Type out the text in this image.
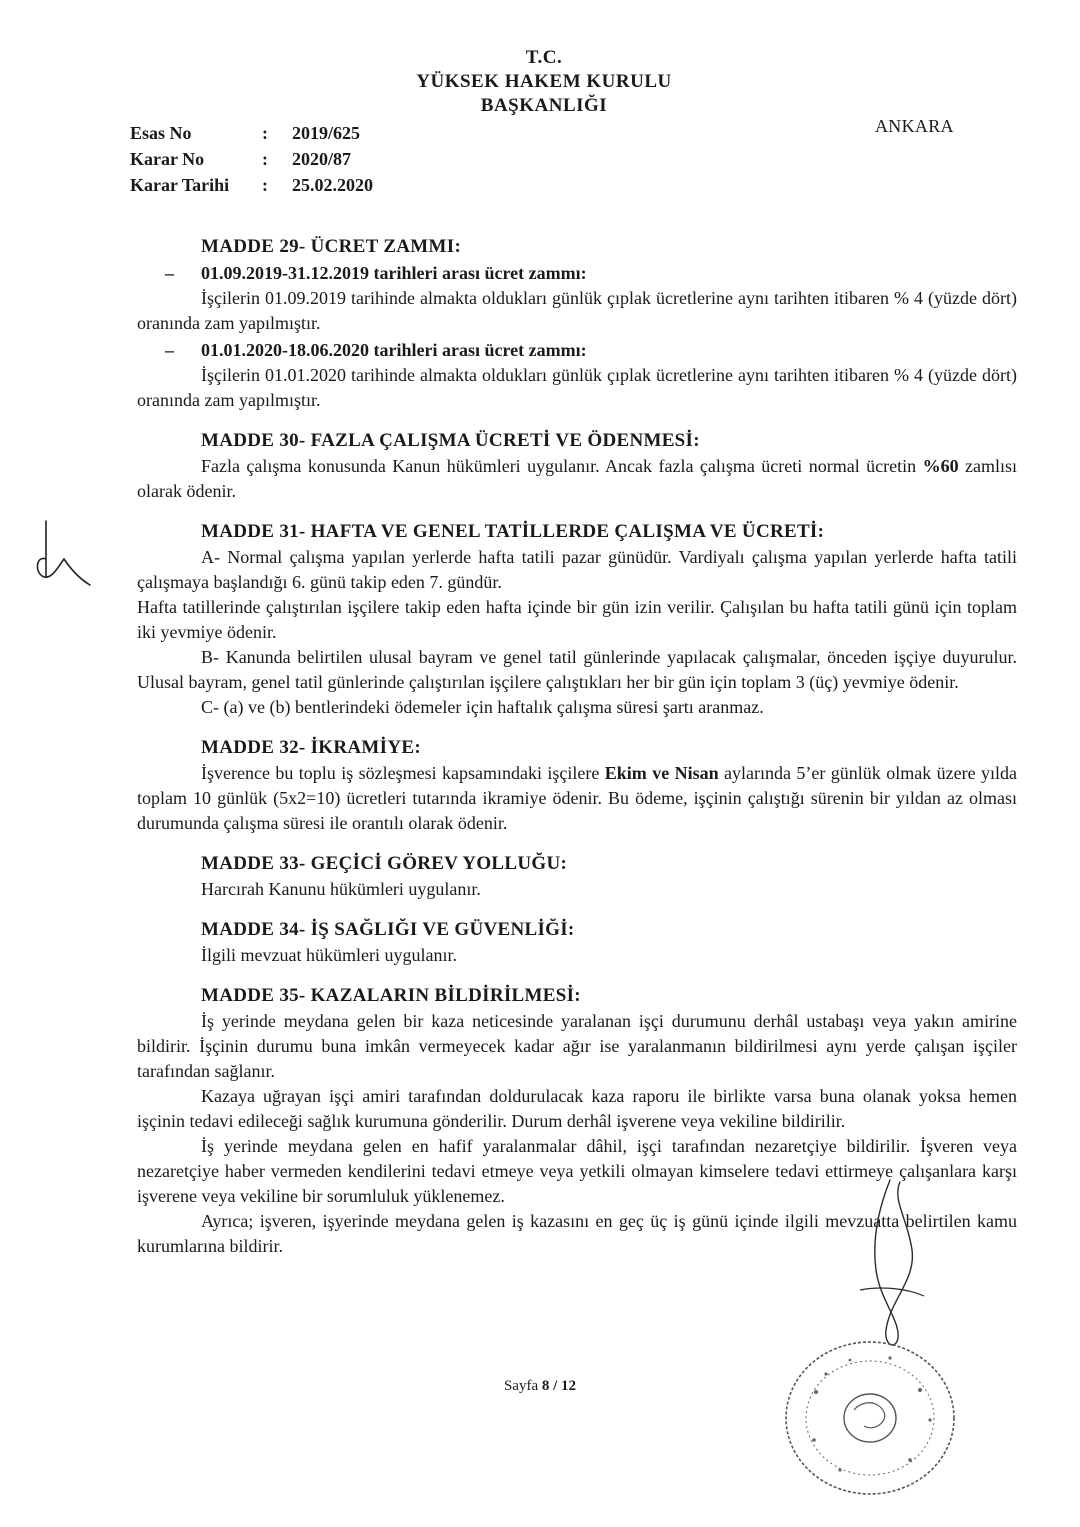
T.C.
YÜKSEK HAKEM KURULU
BAŞKANLIĞI
ANKARA
Esas No	:	2019/625
Karar No	:	2020/87
Karar Tarihi	:	25.02.2020
MADDE 29- ÜCRET ZAMMI:
– 01.09.2019-31.12.2019 tarihleri arası ücret zammı:

İşçilerin 01.09.2019 tarihinde almakta oldukları günlük çıplak ücretlerine aynı tarihten itibaren % 4 (yüzde dört) oranında zam yapılmıştır.

– 01.01.2020-18.06.2020 tarihleri arası ücret zammı:

İşçilerin 01.01.2020 tarihinde almakta oldukları günlük çıplak ücretlerine aynı tarihten itibaren % 4 (yüzde dört) oranında zam yapılmıştır.

MADDE 30- FAZLA ÇALIŞMA ÜCRETİ VE ÖDENMESİ:

Fazla çalışma konusunda Kanun hükümleri uygulanır. Ancak fazla çalışma ücreti normal ücretin %60 zamlısı olarak ödenir.

MADDE 31- HAFTA VE GENEL TATİLLERDE ÇALIŞMA VE ÜCRETİ:

A- Normal çalışma yapılan yerlerde hafta tatili pazar günüdür. Vardiyalı çalışma yapılan yerlerde hafta tatili çalışmaya başlandığı 6. günü takip eden 7. gündür.

Hafta tatillerinde çalıştırılan işçilere takip eden hafta içinde bir gün izin verilir. Çalışılan bu hafta tatili günü için toplam iki yevmiye ödenir.

B- Kanunda belirtilen ulusal bayram ve genel tatil günlerinde yapılacak çalışmalar, önceden işçiye duyurulur. Ulusal bayram, genel tatil günlerinde çalıştırılan işçilere çalıştıkları her bir gün için toplam 3 (üç) yevmiye ödenir.

C- (a) ve (b) bentlerindeki ödemeler için haftalık çalışma süresi şartı aranmaz.

MADDE 32- İKRAMİYE:

İşverence bu toplu iş sözleşmesi kapsamındaki işçilere Ekim ve Nisan aylarında 5’er günlük olmak üzere yılda toplam 10 günlük (5x2=10) ücretleri tutarında ikramiye ödenir. Bu ödeme, işçinin çalıştığı sürenin bir yıldan az olması durumunda çalışma süresi ile orantılı olarak ödenir.

MADDE 33- GEÇİCİ GÖREV YOLLUĞU:

Harcırah Kanunu hükümleri uygulanır.

MADDE 34- İŞ SAĞLIĞI VE GÜVENLİĞİ:

İlgili mevzuat hükümleri uygulanır.

MADDE 35- KAZALARIN BİLDİRİLMESİ:

İş yerinde meydana gelen bir kaza neticesinde yaralanan işçi durumunu derhâl ustabaşı veya yakın amirine bildirir. İşçinin durumu buna imkân vermeyecek kadar ağır ise yaralanmanın bildirilmesi aynı yerde çalışan işçiler tarafından sağlanır.

Kazaya uğrayan işçi amiri tarafından doldurulacak kaza raporu ile birlikte varsa buna olanak yoksa hemen işçinin tedavi edileceği sağlık kurumuna gönderilir. Durum derhâl işverene veya vekiline bildirilir.

İş yerinde meydana gelen en hafif yaralanmalar dâhil, işçi tarafından nezaretçiye bildirilir. İşveren veya nezaretçiye haber vermeden kendilerini tedavi etmeye veya yetkili olmayan kimselere tedavi ettirmeye çalışanlara karşı işverene veya vekiline bir sorumluluk yüklenemez.

Ayrıca; işveren, işyerinde meydana gelen iş kazasını en geç üç iş günü içinde ilgili mevzuatta belirtilen kamu kurumlarına bildirir.

Sayfa 8 / 12
